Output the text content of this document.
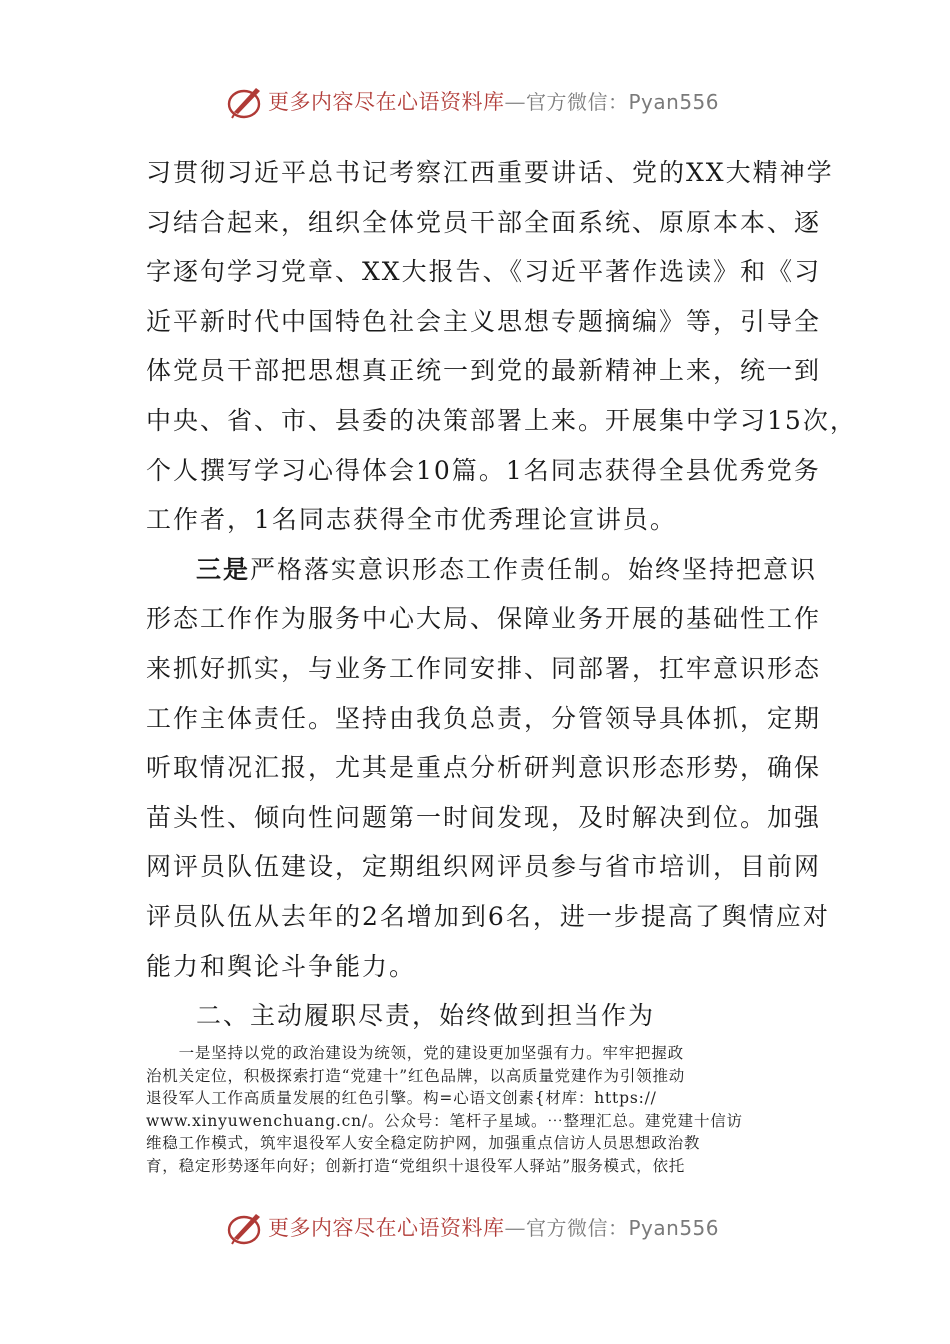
更多内容尽在心语资料库—官方微信：Pyan556
习贯彻习近平总书记考察江西重要讲话、党的XX大精神学
习结合起来，组织全体党员干部全面系统、原原本本、逐
字逐句学习党章、XX大报告、《习近平著作选读》和《习
近平新时代中国特色社会主义思想专题摘编》等，引导全
体党员干部把思想真正统一到党的最新精神上来，统一到
中央、省、市、县委的决策部署上来。开展集中学习15次，
个人撰写学习心得体会10篇。1名同志获得全县优秀党务
工作者，1名同志获得全市优秀理论宣讲员。
三是严格落实意识形态工作责任制。始终坚持把意识
形态工作作为服务中心大局、保障业务开展的基础性工作
来抓好抓实，与业务工作同安排、同部署，扛牢意识形态
工作主体责任。坚持由我负总责，分管领导具体抓，定期
听取情况汇报，尤其是重点分析研判意识形态形势，确保
苗头性、倾向性问题第一时间发现，及时解决到位。加强
网评员队伍建设，定期组织网评员参与省市培训，目前网
评员队伍从去年的2名增加到6名，进一步提高了舆情应对
能力和舆论斗争能力。
二、主动履职尽责，始终做到担当作为
　　一是坚持以党的政治建设为统领，党的建设更加坚强有力。牢牢把握政
治机关定位，积极探索打造“党建十”红色品牌，以高质量党建作为引领推动
退役军人工作高质量发展的红色引擎。构=心语文创素{材库：https://
www.xinyuwenchuang.cn/。公众号：笔杆子星域。⋯整理汇总。建党建十信访
维稳工作模式，筑牢退役军人安全稳定防护网，加强重点信访人员思想政治教
育，稳定形势逐年向好；创新打造“党组织十退役军人驿站”服务模式，依托
更多内容尽在心语资料库—官方微信：Pyan556
